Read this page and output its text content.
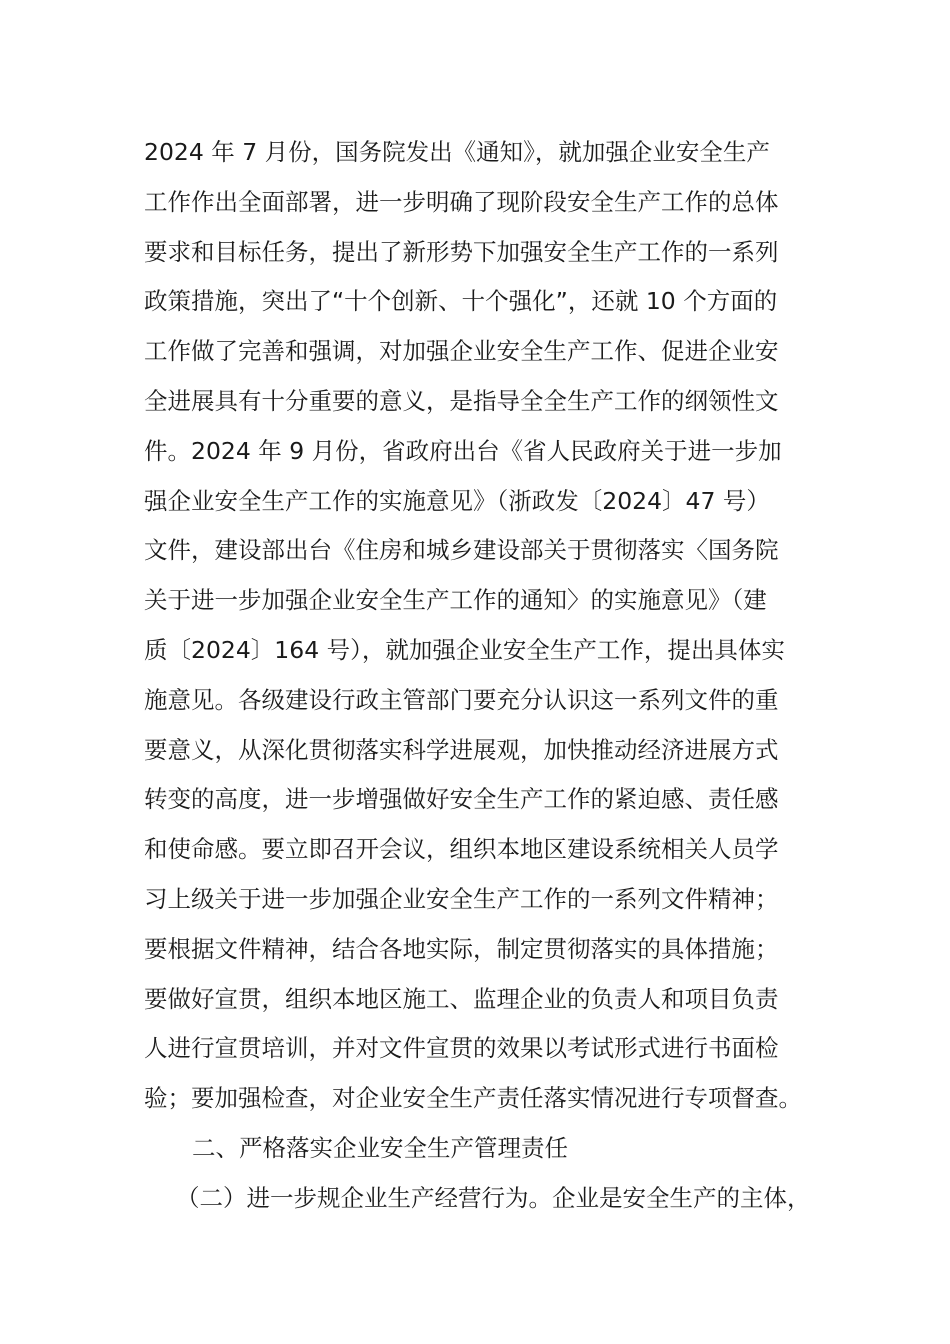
2024 年 7 月份，国务院发出《通知》，就加强企业安全生产
工作作出全面部署，进一步明确了现阶段安全生产工作的总体
要求和目标任务，提出了新形势下加强安全生产工作的一系列
政策措施，突出了“十个创新、十个强化”，还就 10 个方面的
工作做了完善和强调，对加强企业安全生产工作、促进企业安
全进展具有十分重要的意义，是指导全全生产工作的纲领性文
件。2024 年 9 月份，省政府出台《省人民政府关于进一步加
强企业安全生产工作的实施意见》（浙政发〔2024〕47 号）
文件，建设部出台《住房和城乡建设部关于贯彻落实〈国务院
关于进一步加强企业安全生产工作的通知〉的实施意见》（建
质〔2024〕164 号），就加强企业安全生产工作，提出具体实
施意见。各级建设行政主管部门要充分认识这一系列文件的重
要意义，从深化贯彻落实科学进展观，加快推动经济进展方式
转变的高度，进一步增强做好安全生产工作的紧迫感、责任感
和使命感。要立即召开会议，组织本地区建设系统相关人员学
习上级关于进一步加强企业安全生产工作的一系列文件精神；
要根据文件精神，结合各地实际，制定贯彻落实的具体措施；
要做好宣贯，组织本地区施工、监理企业的负责人和项目负责
人进行宣贯培训，并对文件宣贯的效果以考试形式进行书面检
验；要加强检查，对企业安全生产责任落实情况进行专项督查。
二、严格落实企业安全生产管理责任
（二）进一步规企业生产经营行为。企业是安全生产的主体，
